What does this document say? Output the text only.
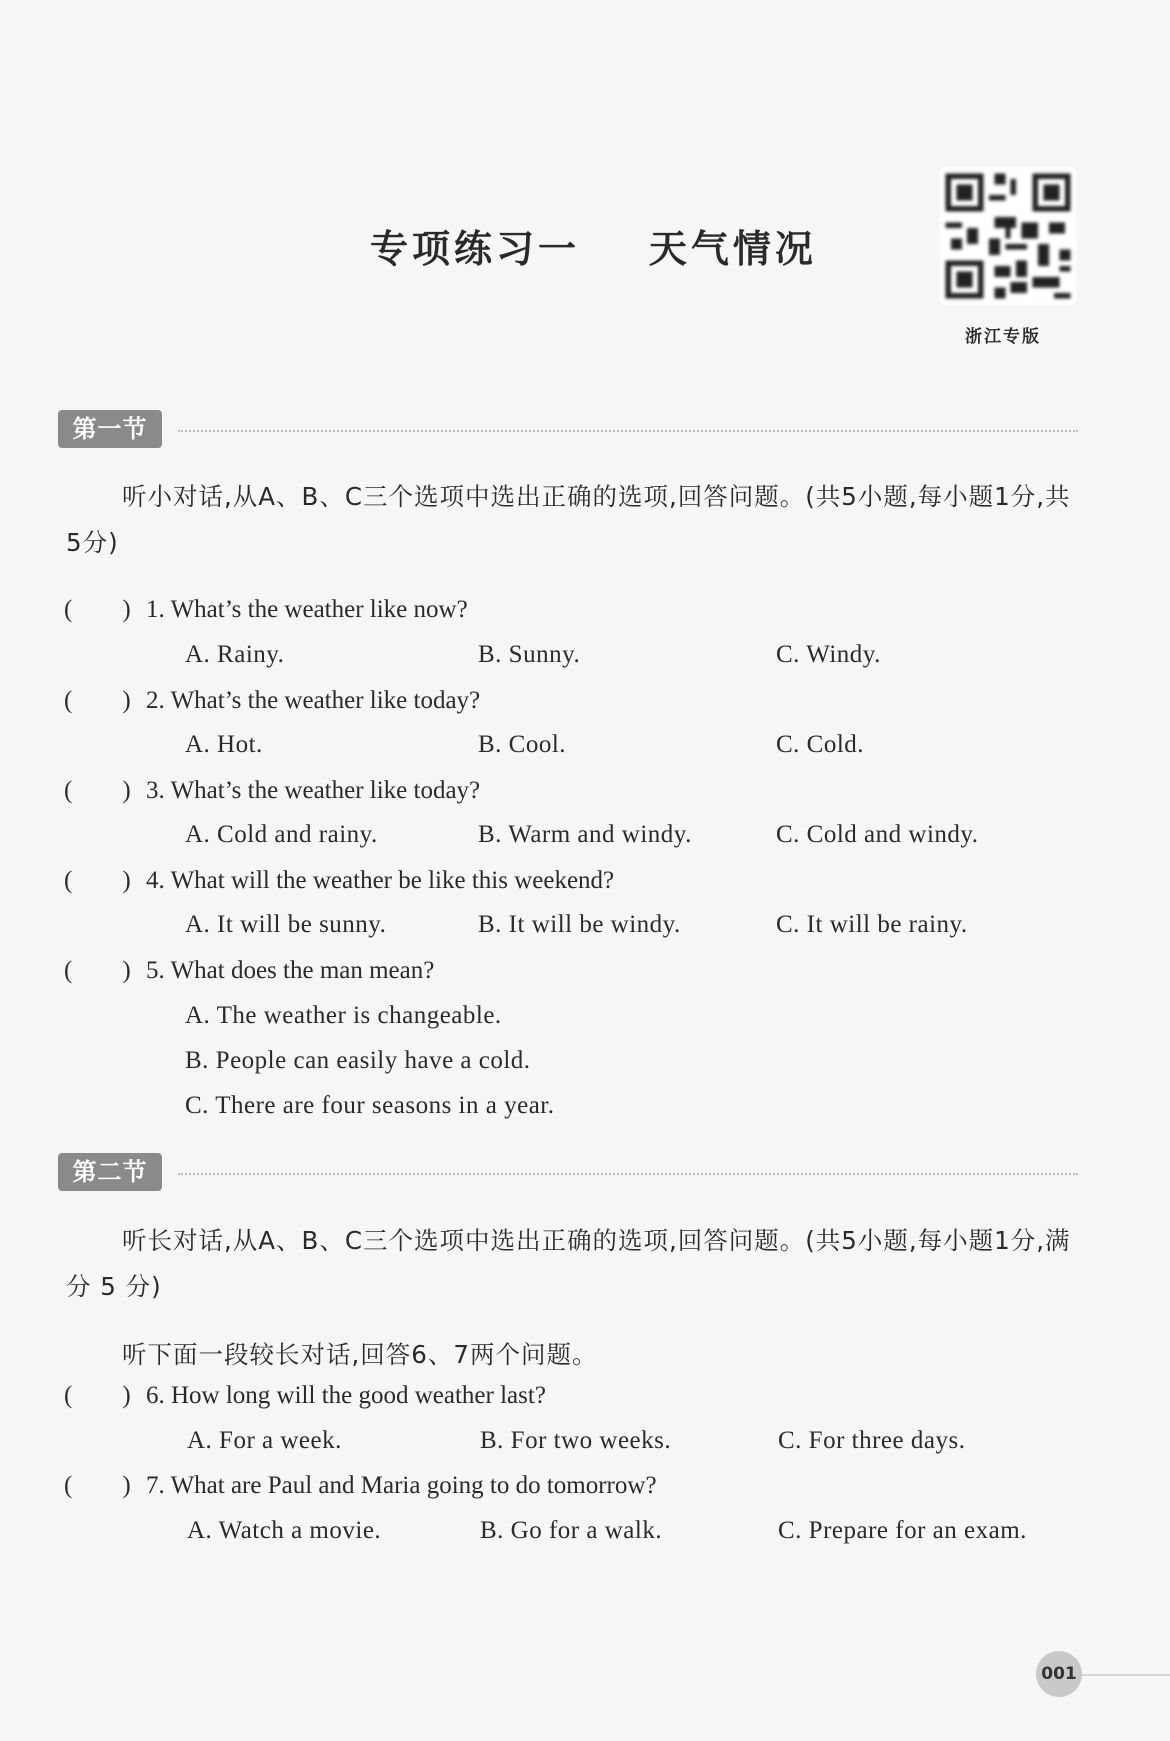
专项练习一    天气情况
浙江专版
第一节
听小对话,从A、B、C三个选项中选出正确的选项,回答问题。(共5小题,每小题1分,共5分)
(        ) 1. What’s the weather like now?
A. Rainy.	B. Sunny.	C. Windy.
(        ) 2. What’s the weather like today?
A. Hot.	B. Cool.	C. Cold.
(        ) 3. What’s the weather like today?
A. Cold and rainy.	B. Warm and windy.	C. Cold and windy.
(        ) 4. What will the weather be like this weekend?
A. It will be sunny.	B. It will be windy.	C. It will be rainy.
(        ) 5. What does the man mean?
A. The weather is changeable.
B. People can easily have a cold.
C. There are four seasons in a year.
第二节
听长对话,从A、B、C三个选项中选出正确的选项,回答问题。(共5小题,每小题1分,满分 5 分)
听下面一段较长对话,回答6、7两个问题。
(        ) 6. How long will the good weather last?
A. For a week.	B. For two weeks.	C. For three days.
(        ) 7. What are Paul and Maria going to do tomorrow?
A. Watch a movie.	B. Go for a walk.	C. Prepare for an exam.
001
